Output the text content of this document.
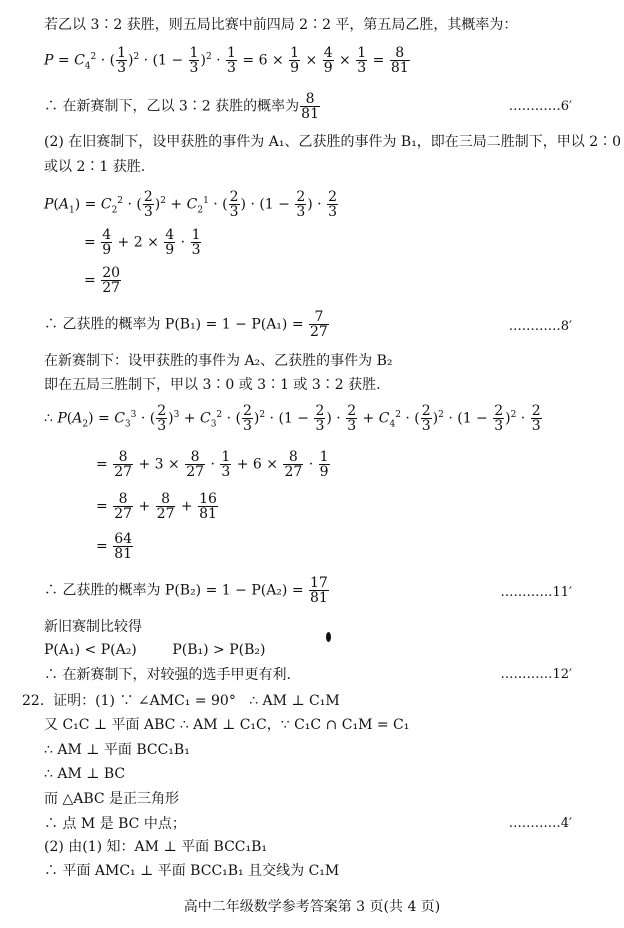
若乙以 3∶2 获胜，则五局比赛中前四局 2∶2 平，第五局乙胜，其概率为：
$P = C_4^2$ · ( $\frac{1}{3} )^2 \cdot (1 - \frac{1}{3} )^2 \cdot \frac{1}{3} = 6 \times \frac{1}{9} \times \frac{4}{9} \times \frac{1}{3} = \frac{8}{81}$
∴ 在新赛制下，乙以 3∶2 获胜的概率为 $\frac{8}{81}$	…………6′
(2) 在旧赛制下，设甲获胜的事件为 A₁、乙获胜的事件为 B₁，即在三局二胜制下，甲以 2∶0
或以 2∶1 获胜.
$P(A_1) = C_2^2$ · ( $\frac{2}{3} )^2 + C_2^1$ · ( $\frac{2}{3}$ ) · ($1 - \frac{2}{3}$ ) · $\frac{2}{3}$
= $\frac{4}{9} + 2 \times \frac{4}{9} \cdot \frac{1}{3}$
= $\frac{20}{27}$
∴ 乙获胜的概率为 $P(B_1) = 1 - P(A_1) = \frac{7}{27}$	…………8′
在新赛制下：设甲获胜的事件为 A₂、乙获胜的事件为 B₂
即在五局三胜制下，甲以 3∶0 或 3∶1 或 3∶2 获胜.
∴ $P(A_2) = C_3^3$ · ( $\frac{2}{3} )^3 + C_3^2$ · ( $\frac{2}{3} )^2 \cdot (1 - \frac{2}{3}$ ) · $\frac{2}{3} + C_4^2$ · ( $\frac{2}{3} )^2 \cdot (1 - \frac{2}{3} )^2 \cdot \frac{2}{3}$
= $\frac{8}{27} + 3 \times \frac{8}{27} \cdot \frac{1}{3} + 6 \times \frac{8}{27} \cdot \frac{1}{9}$
= $\frac{8}{27} + \frac{8}{27} + \frac{16}{81}$
= $\frac{64}{81}$
∴ 乙获胜的概率为 $P(B_2) = 1 - P(A_2) = \frac{17}{81}$	…………11′
新旧赛制比较得
P(A₁) < P(A₂)        P(B₁) > P(B₂)
∴ 在新赛制下，对较强的选手甲更有利.	…………12′
22.  证明：(1) ∵ ∠AMC₁ = 90°   ∴ AM ⊥ C₁M
又 C₁C ⊥ 平面 ABC ∴ AM ⊥ C₁C，∵ C₁C ∩ C₁M = C₁
∴ AM ⊥ 平面 BCC₁B₁
∴ AM ⊥ BC
而 △ABC 是正三角形
∴ 点 M 是 BC 中点；	…………4′
(2) 由(1) 知：AM ⊥ 平面 BCC₁B₁
∴ 平面 AMC₁ ⊥ 平面 BCC₁B₁ 且交线为 C₁M
高中二年级数学参考答案第 3 页(共 4 页)
